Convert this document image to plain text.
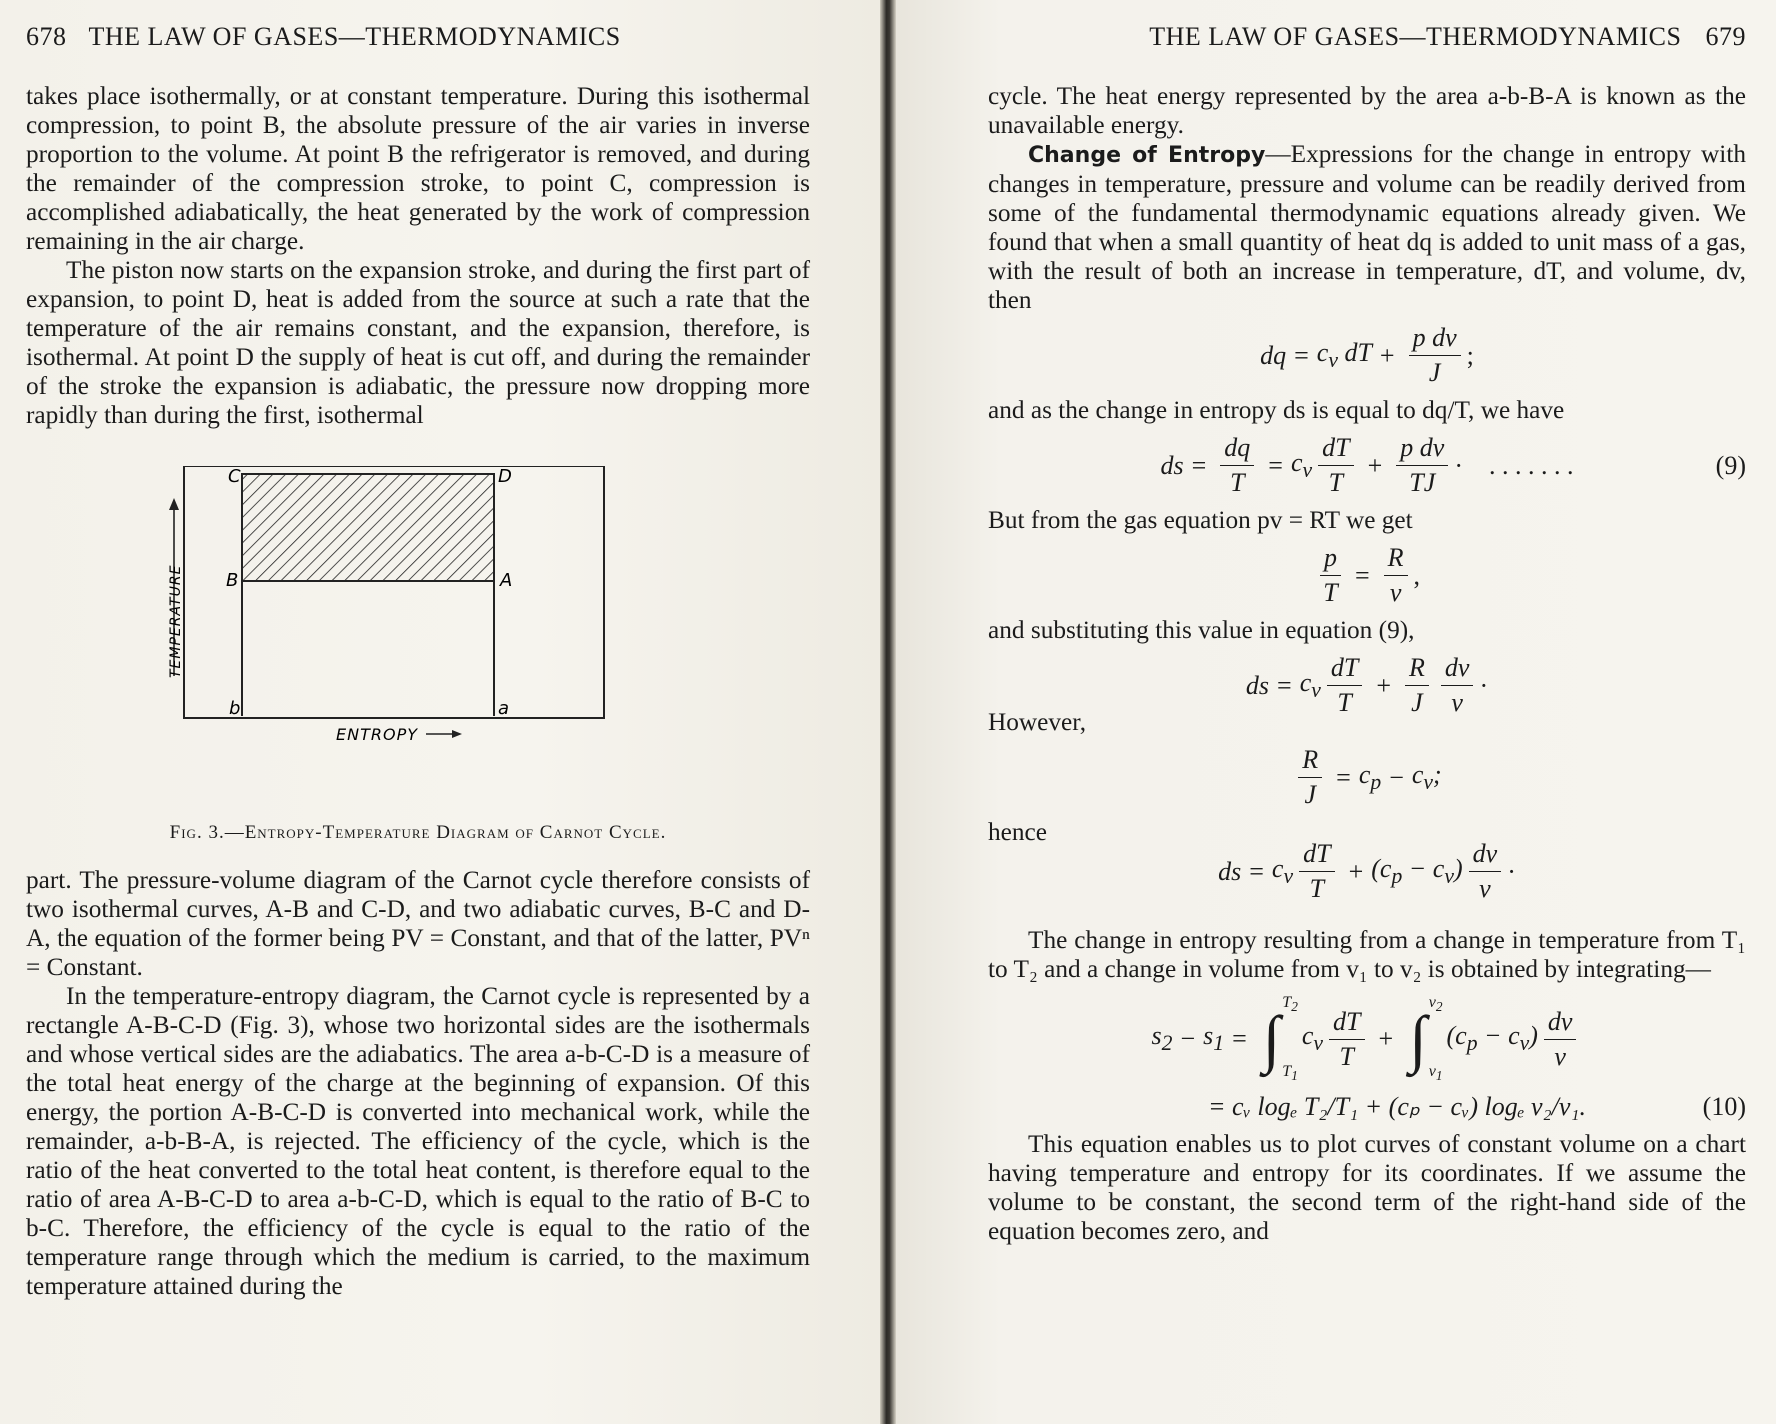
678 THE LAW OF GASES—THERMODYNAMICS

takes place isothermally, or at constant temperature. During this isothermal compression, to point B, the absolute pressure of the air varies in inverse proportion to the volume. At point B the refrigerator is removed, and during the remainder of the compression stroke, to point C, compression is accomplished adiabatically, the heat generated by the work of compression remaining in the air charge.

The piston now starts on the expansion stroke, and during the first part of expansion, to point D, heat is added from the source at such a rate that the temperature of the air remains constant, and the expansion, therefore, is isothermal. At point D the supply of heat is cut off, and during the remainder of the stroke the expansion is adiabatic, the pressure now dropping more rapidly than during the first, isothermal

C	D
B	A
b	a
TEMPERATURE
ENTROPY
Fig. 3.—Entropy-Temperature Diagram of Carnot Cycle.

part. The pressure-volume diagram of the Carnot cycle therefore consists of two isothermal curves, A-B and C-D, and two adiabatic curves, B-C and D-A, the equation of the former being PV = Constant, and that of the latter, PVⁿ = Constant.

In the temperature-entropy diagram, the Carnot cycle is represented by a rectangle A-B-C-D (Fig. 3), whose two horizontal sides are the isothermals and whose vertical sides are the adiabatics. The area a-b-C-D is a measure of the total heat energy of the charge at the beginning of expansion. Of this energy, the portion A-B-C-D is converted into mechanical work, while the remainder, a-b-B-A, is rejected. The efficiency of the cycle, which is the ratio of the heat converted to the total heat content, is therefore equal to the ratio of area A-B-C-D to area a-b-C-D, which is equal to the ratio of B-C to b-C. Therefore, the efficiency of the cycle is equal to the ratio of the temperature range through which the medium is carried, to the maximum temperature attained during the

THE LAW OF GASES—THERMODYNAMICS 679

cycle. The heat energy represented by the area a-b-B-A is known as the unavailable energy.

Change of Entropy—Expressions for the change in entropy with changes in temperature, pressure and volume can be readily derived from some of the fundamental thermodynamic equations already given. We found that when a small quantity of heat dq is added to unit mass of a gas, with the result of both an increase in temperature, dT, and volume, dv, then

dq = $c_v$ dT + $\frac{\text{p dv}}{J}$ ;

and as the change in entropy ds is equal to dq/T, we have

ds = $\frac{dq}{T} = c_v \frac{dT}{T} + \frac{\text{p dv}}{TJ}$ ·    . . . . . . .	(9)

But from the gas equation pv = RT we get

$\frac{p}{T} = \frac{R}{v}$ ,

and substituting this value in equation (9),

ds = $c_v \frac{dT}{T} + \frac{R}{J} \frac{dv}{v}$ ·

However,

$\frac{R}{J} = c_p - c_v$;

hence

ds = $c_v \frac{dT}{T} + (c_p - c_v) \frac{dv}{v}$ ·

The change in entropy resulting from a change in temperature from T₁ to T₂ and a change in volume from v₁ to v₂ is obtained by integrating—

$s_2 - s_1$ = ∫
$T_2$
$T_1$
$c_v \frac{dT}{T}$ + ∫
$v_2$
$v_1$
$(c_p - c_v) \frac{dv}{v}$
= cᵥ logₑ T₂/T₁ + (cₚ − cᵥ) logₑ v₂/v₁.	(10)

This equation enables us to plot curves of constant volume on a chart having temperature and entropy for its coordinates. If we assume the volume to be constant, the second term of the right-hand side of the equation becomes zero, and
